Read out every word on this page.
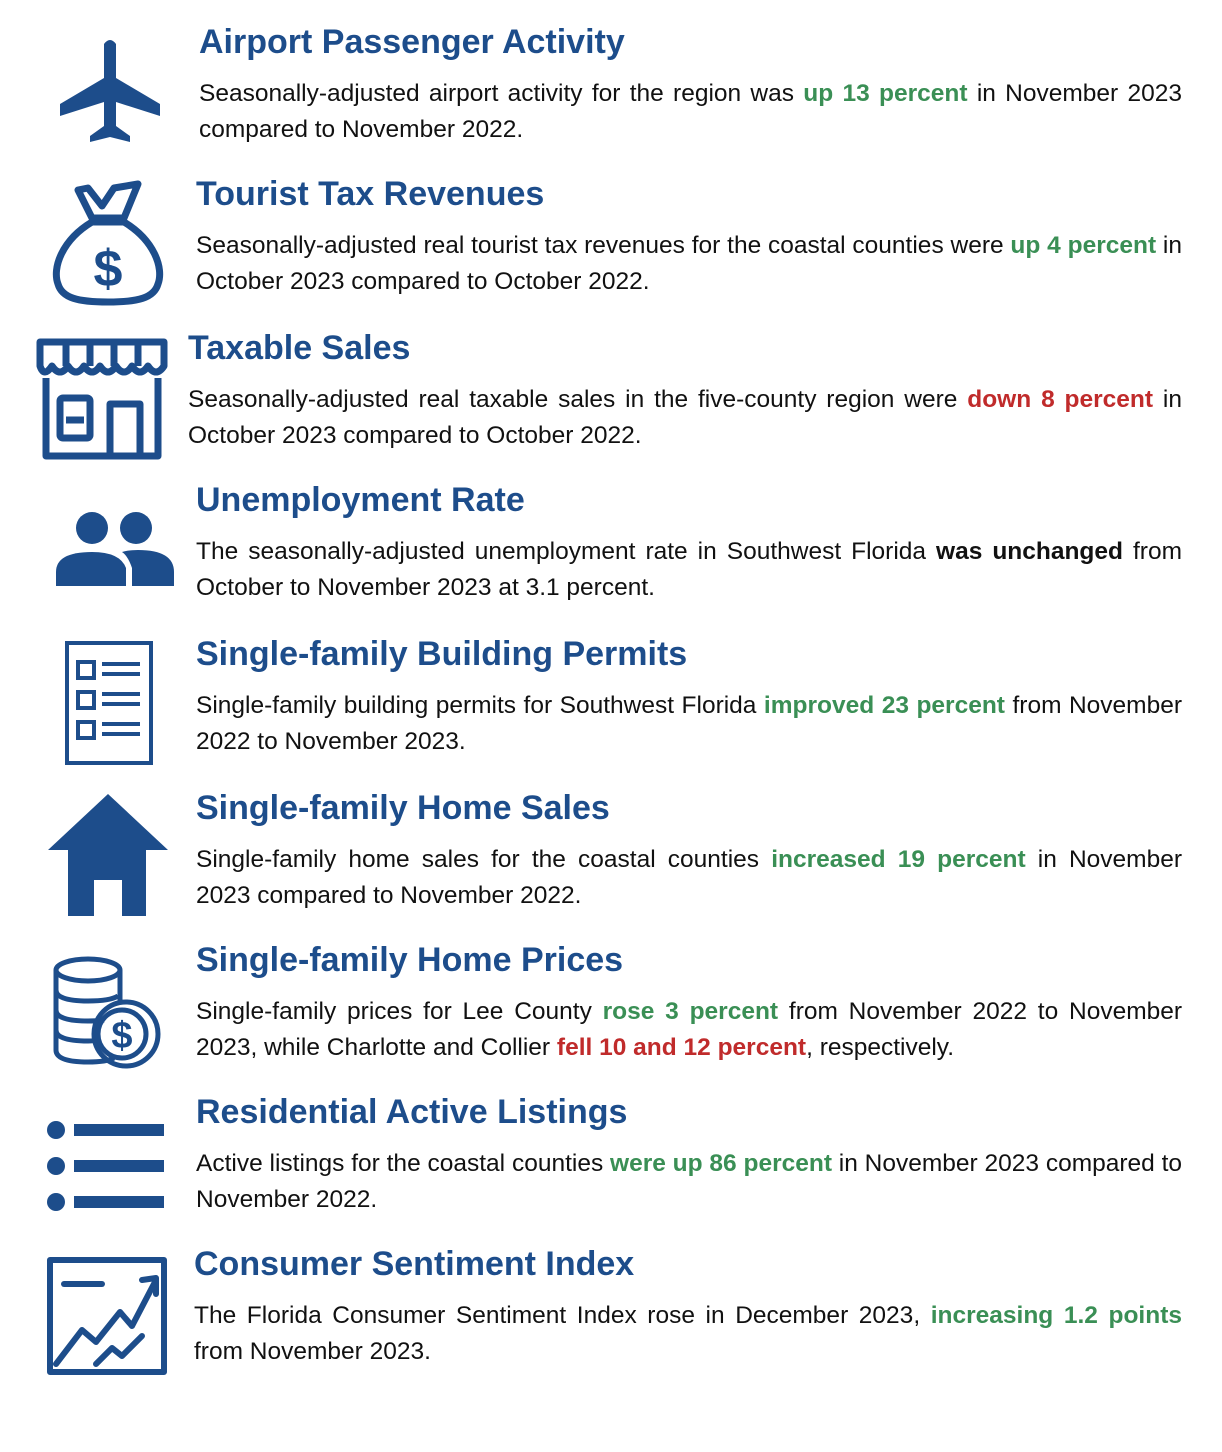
Airport Passenger Activity

Seasonally-adjusted airport activity for the region was up 13 percent in November 2023 compared to November 2022.

$
Tourist Tax Revenues

Seasonally-adjusted real tourist tax revenues for the coastal counties were up 4 percent in October 2023 compared to October 2022.

Taxable Sales

Seasonally-adjusted real taxable sales in the five-county region were down 8 percent in October 2023 compared to October 2022.

Unemployment Rate

The seasonally-adjusted unemployment rate in Southwest Florida was unchanged from October to November 2023 at 3.1 percent.

Single-family Building Permits

Single-family building permits for Southwest Florida improved 23 percent from November 2022 to November 2023.

Single-family Home Sales

Single-family home sales for the coastal counties increased 19 percent in November 2023 compared to November 2022.

$
Single-family Home Prices

Single-family prices for Lee County rose 3 percent from November 2022 to November 2023, while Charlotte and Collier fell 10 and 12 percent, respectively.

Residential Active Listings

Active listings for the coastal counties were up 86 percent in November 2023 compared to November 2022.

Consumer Sentiment Index

The Florida Consumer Sentiment Index rose in December 2023, increasing 1.2 points from November 2023.
